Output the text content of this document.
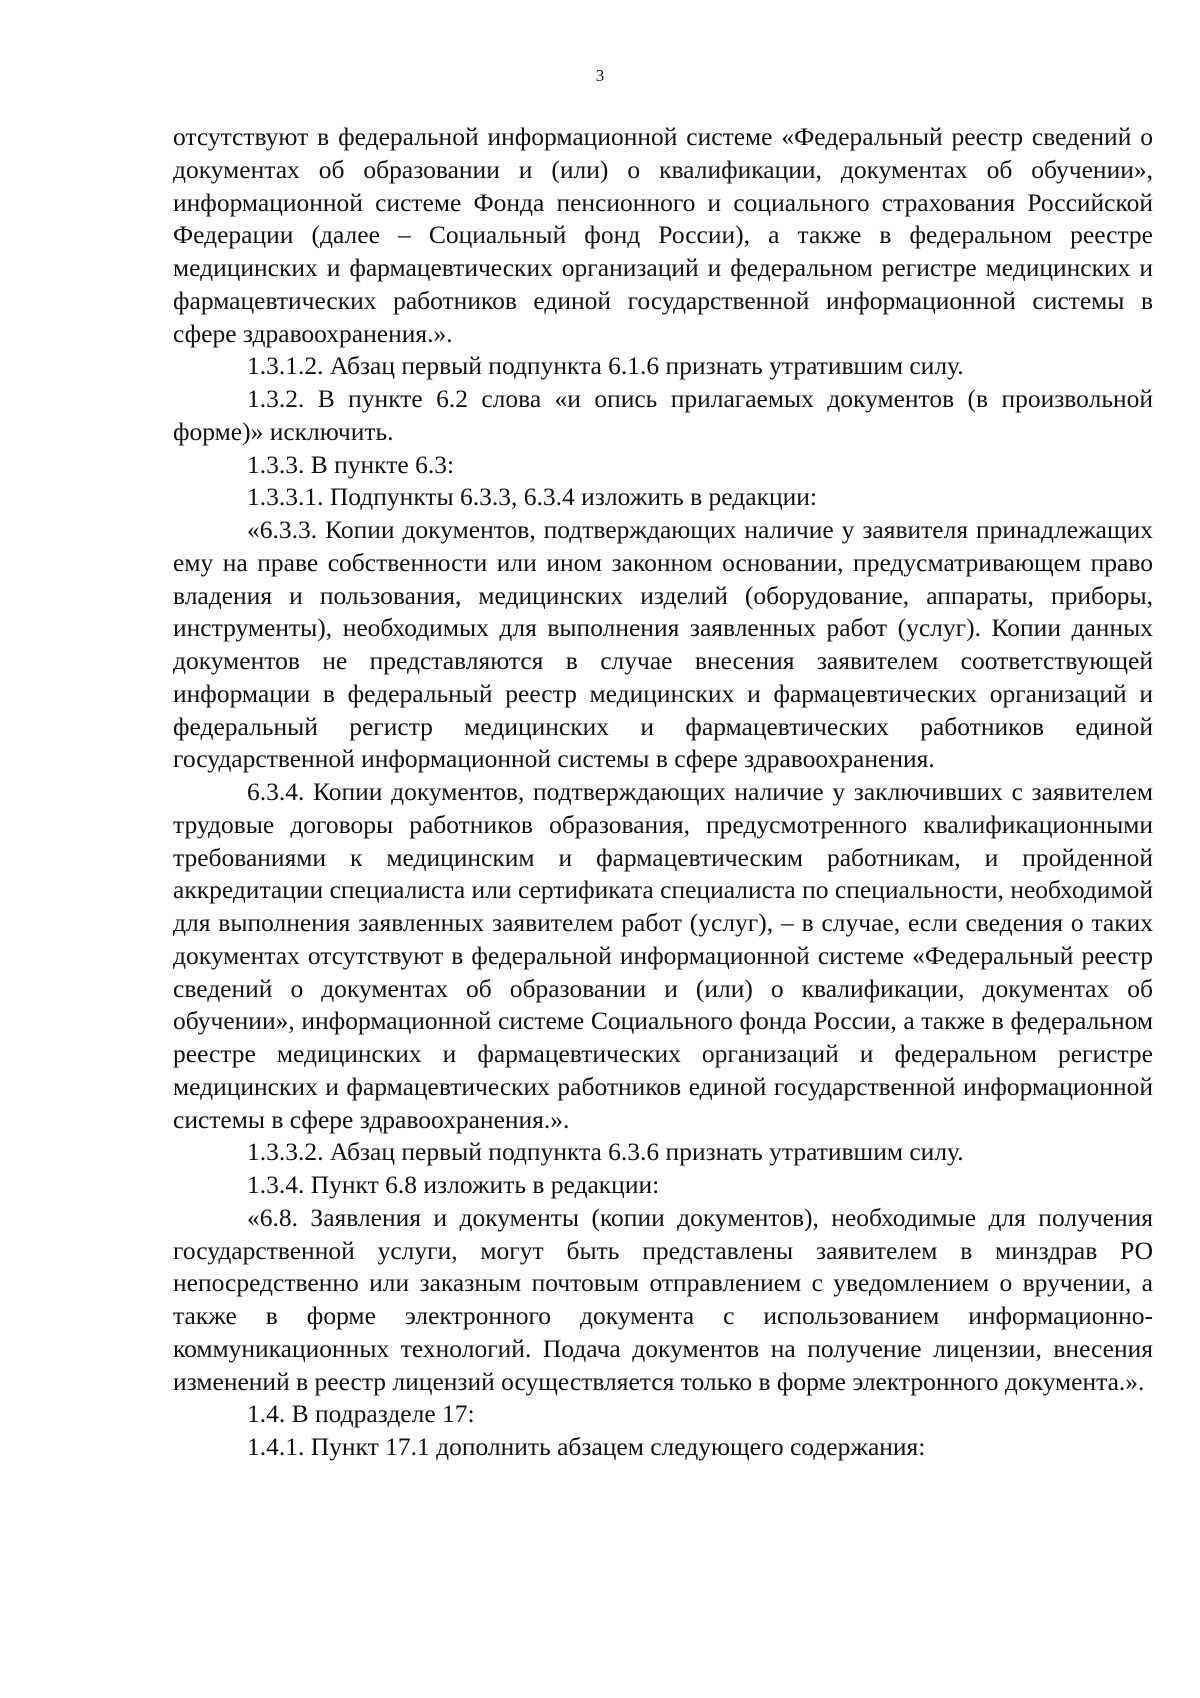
3

отсутствуют в федеральной информационной системе «Федеральный реестр сведений о документах об образовании и (или) о квалификации, документах об обучении», информационной системе Фонда пенсионного и социального страхования Российской Федерации (далее – Социальный фонд России), а также в федеральном реестре медицинских и фармацевтических организаций и федеральном регистре медицинских и фармацевтических работников единой государственной информационной системы в сфере здравоохранения.».

1.3.1.2. Абзац первый подпункта 6.1.6 признать утратившим силу.

1.3.2. В пункте 6.2 слова «и опись прилагаемых документов (в произвольной форме)» исключить.

1.3.3. В пункте 6.3:

1.3.3.1. Подпункты 6.3.3, 6.3.4 изложить в редакции:

«6.3.3. Копии документов, подтверждающих наличие у заявителя принадлежащих ему на праве собственности или ином законном основании, предусматривающем право владения и пользования, медицинских изделий (оборудование, аппараты, приборы, инструменты), необходимых для выполнения заявленных работ (услуг). Копии данных документов не представляются в случае внесения заявителем соответствующей информации в федеральный реестр медицинских и фармацевтических организаций и федеральный регистр медицинских и фармацевтических работников единой государственной информационной системы в сфере здравоохранения.

6.3.4. Копии документов, подтверждающих наличие у заключивших с заявителем трудовые договоры работников образования, предусмотренного квалификационными требованиями к медицинским и фармацевтическим работникам, и пройденной аккредитации специалиста или сертификата специалиста по специальности, необходимой для выполнения заявленных заявителем работ (услуг), – в случае, если сведения о таких документах отсутствуют в федеральной информационной системе «Федеральный реестр сведений о документах об образовании и (или) о квалификации, документах об обучении», информационной системе Социального фонда России, а также в федеральном реестре медицинских и фармацевтических организаций и федеральном регистре медицинских и фармацевтических работников единой государственной информационной системы в сфере здравоохранения.».

1.3.3.2. Абзац первый подпункта 6.3.6 признать утратившим силу.

1.3.4. Пункт 6.8 изложить в редакции:

«6.8. Заявления и документы (копии документов), необходимые для получения государственной услуги, могут быть представлены заявителем в минздрав РО непосредственно или заказным почтовым отправлением с уведомлением о вручении, а также в форме электронного документа с использованием информационно-коммуникационных технологий. Подача документов на получение лицензии, внесения изменений в реестр лицензий осуществляется только в форме электронного документа.».

1.4. В подразделе 17:

1.4.1. Пункт 17.1 дополнить абзацем следующего содержания:
